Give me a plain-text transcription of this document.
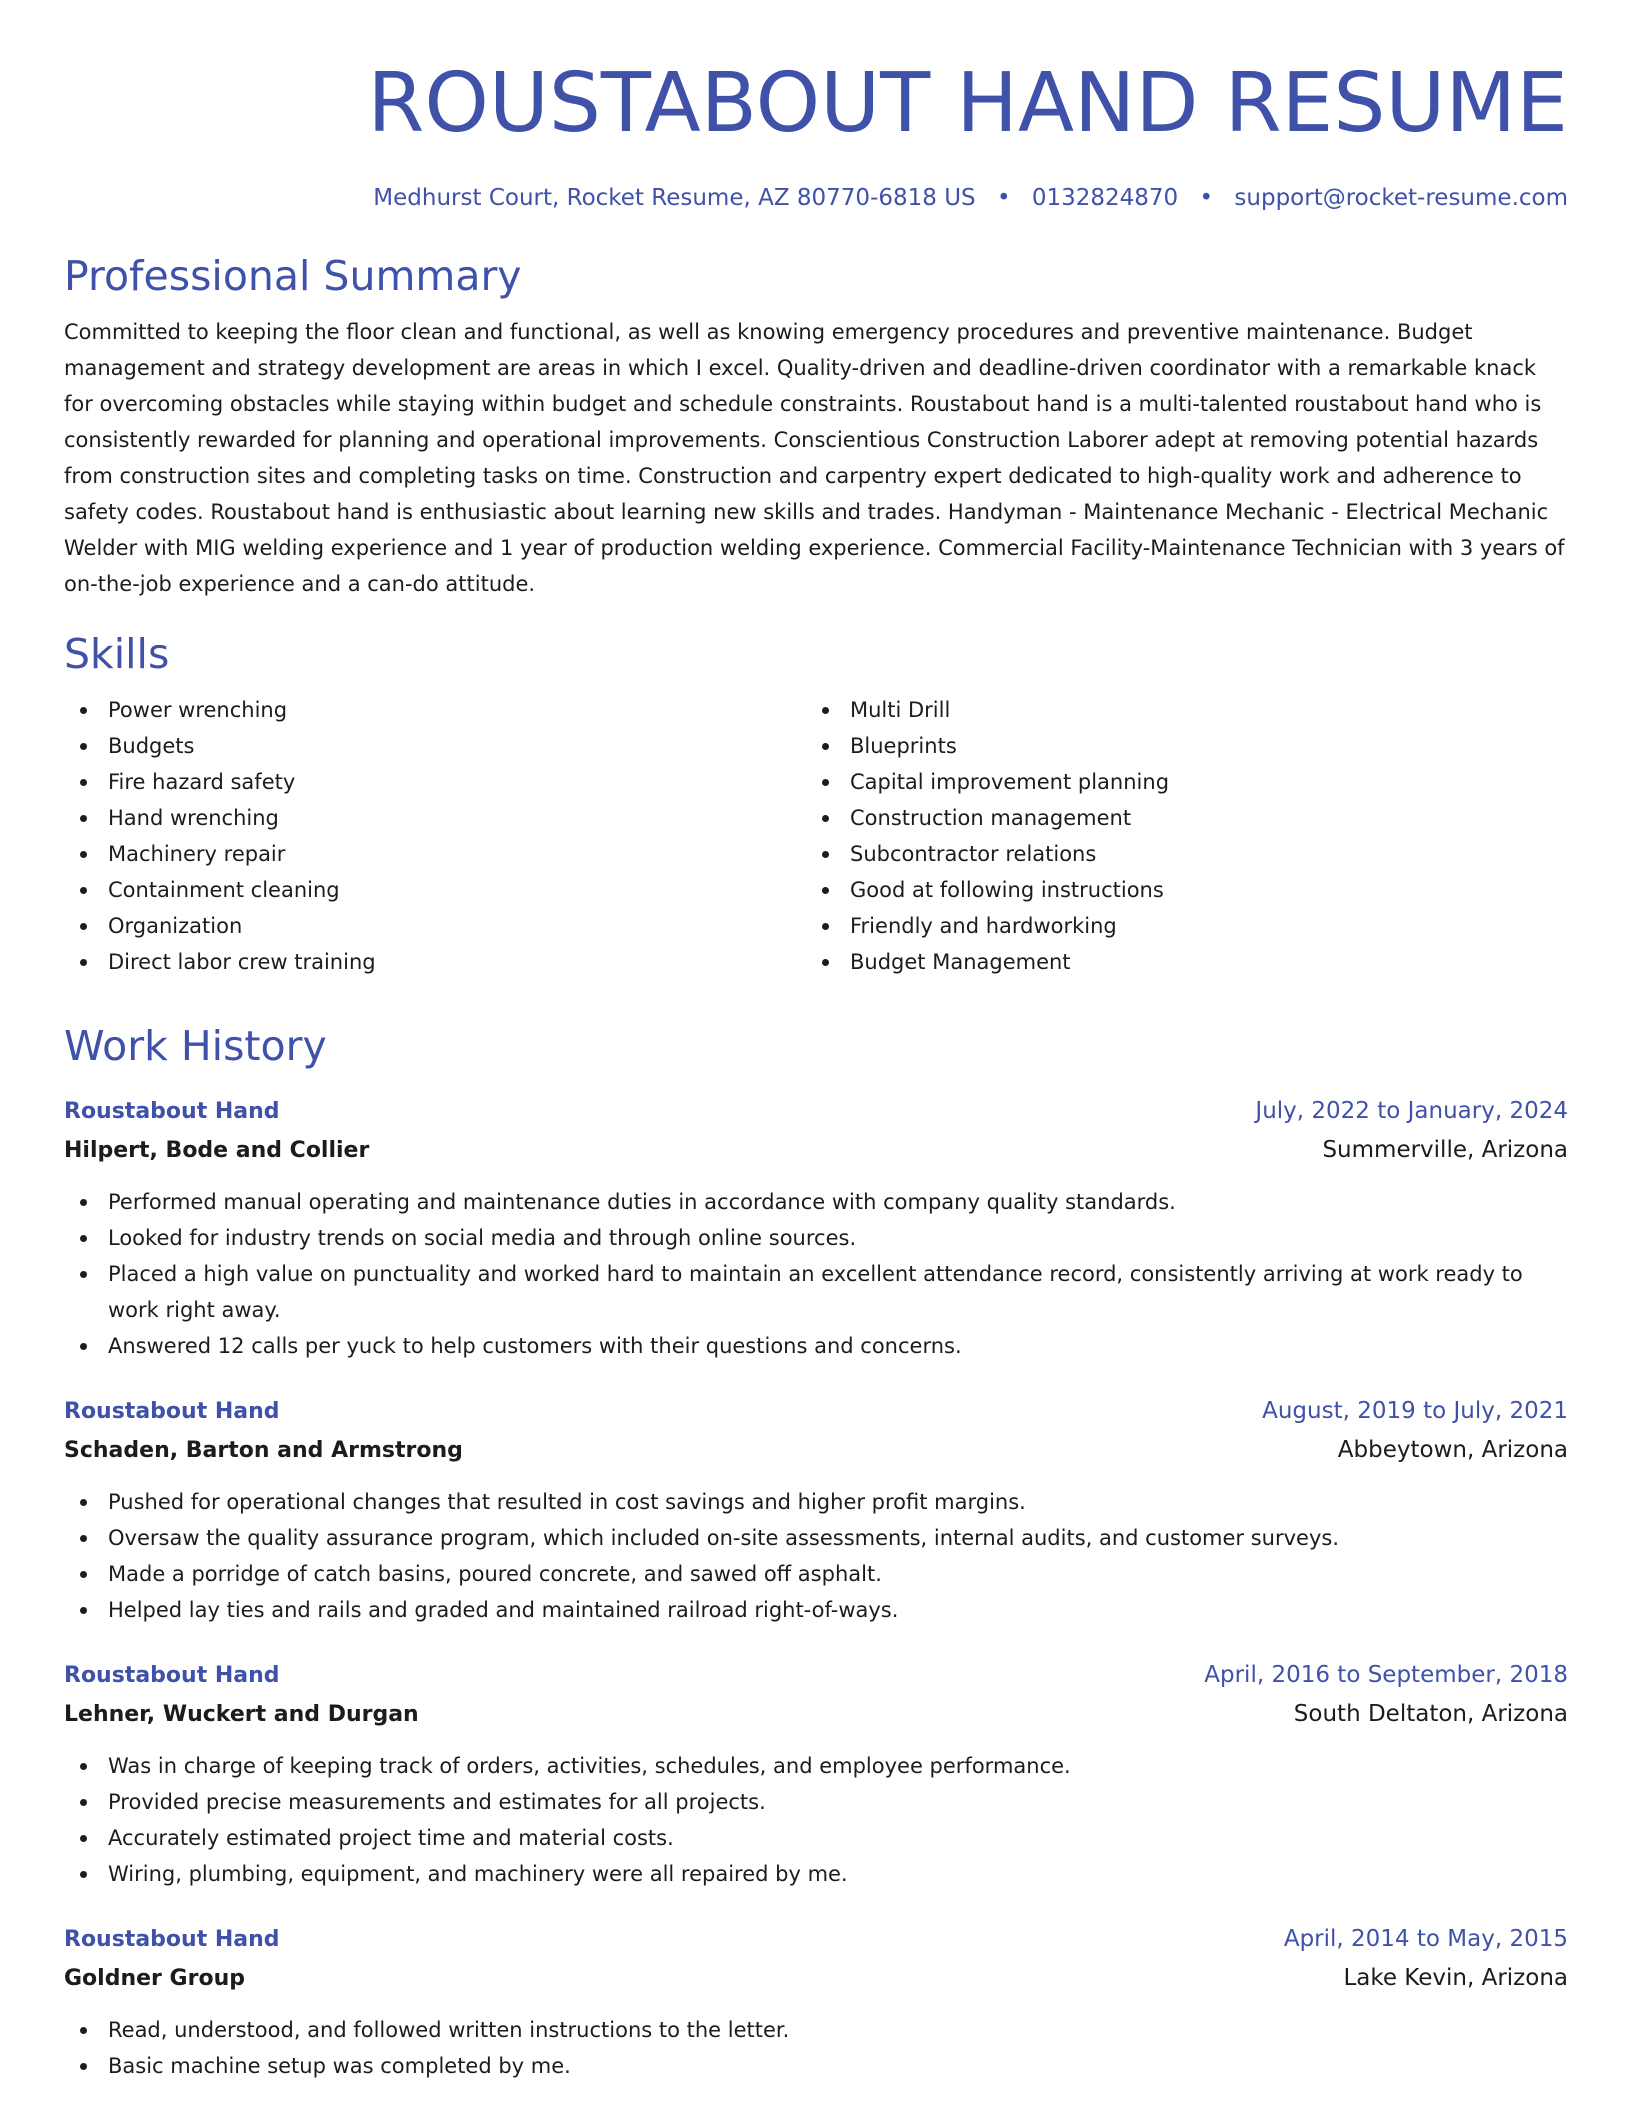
ROUSTABOUT HAND RESUME
Medhurst Court, Rocket Resume, AZ 80770-6818 US • 0132824870 • support@rocket-resume.com
Professional Summary

Committed to keeping the floor clean and functional, as well as knowing emergency procedures and preventive maintenance. Budget management and strategy development are areas in which I excel. Quality-driven and deadline-driven coordinator with a remarkable knack for overcoming obstacles while staying within budget and schedule constraints. Roustabout hand is a multi-talented roustabout hand who is consistently rewarded for planning and operational improvements. Conscientious Construction Laborer adept at removing potential hazards from construction sites and completing tasks on time. Construction and carpentry expert dedicated to high-quality work and adherence to safety codes. Roustabout hand is enthusiastic about learning new skills and trades. Handyman - Maintenance Mechanic - Electrical Mechanic Welder with MIG welding experience and 1 year of production welding experience. Commercial Facility-Maintenance Technician with 3 years of on-the-job experience and a can-do attitude.

Skills
Power wrenching
Budgets
Fire hazard safety
Hand wrenching
Machinery repair
Containment cleaning
Organization
Direct labor crew training
Multi Drill
Blueprints
Capital improvement planning
Construction management
Subcontractor relations
Good at following instructions
Friendly and hardworking
Budget Management
Work History
Roustabout Hand	July, 2022 to January, 2024
Hilpert, Bode and Collier	Summerville, Arizona
Performed manual operating and maintenance duties in accordance with company quality standards.
Looked for industry trends on social media and through online sources.
Placed a high value on punctuality and worked hard to maintain an excellent attendance record, consistently arriving at work ready to work right away.
Answered 12 calls per yuck to help customers with their questions and concerns.
Roustabout Hand	August, 2019 to July, 2021
Schaden, Barton and Armstrong	Abbeytown, Arizona
Pushed for operational changes that resulted in cost savings and higher profit margins.
Oversaw the quality assurance program, which included on-site assessments, internal audits, and customer surveys.
Made a porridge of catch basins, poured concrete, and sawed off asphalt.
Helped lay ties and rails and graded and maintained railroad right-of-ways.
Roustabout Hand	April, 2016 to September, 2018
Lehner, Wuckert and Durgan	South Deltaton, Arizona
Was in charge of keeping track of orders, activities, schedules, and employee performance.
Provided precise measurements and estimates for all projects.
Accurately estimated project time and material costs.
Wiring, plumbing, equipment, and machinery were all repaired by me.
Roustabout Hand	April, 2014 to May, 2015
Goldner Group	Lake Kevin, Arizona
Read, understood, and followed written instructions to the letter.
Basic machine setup was completed by me.
